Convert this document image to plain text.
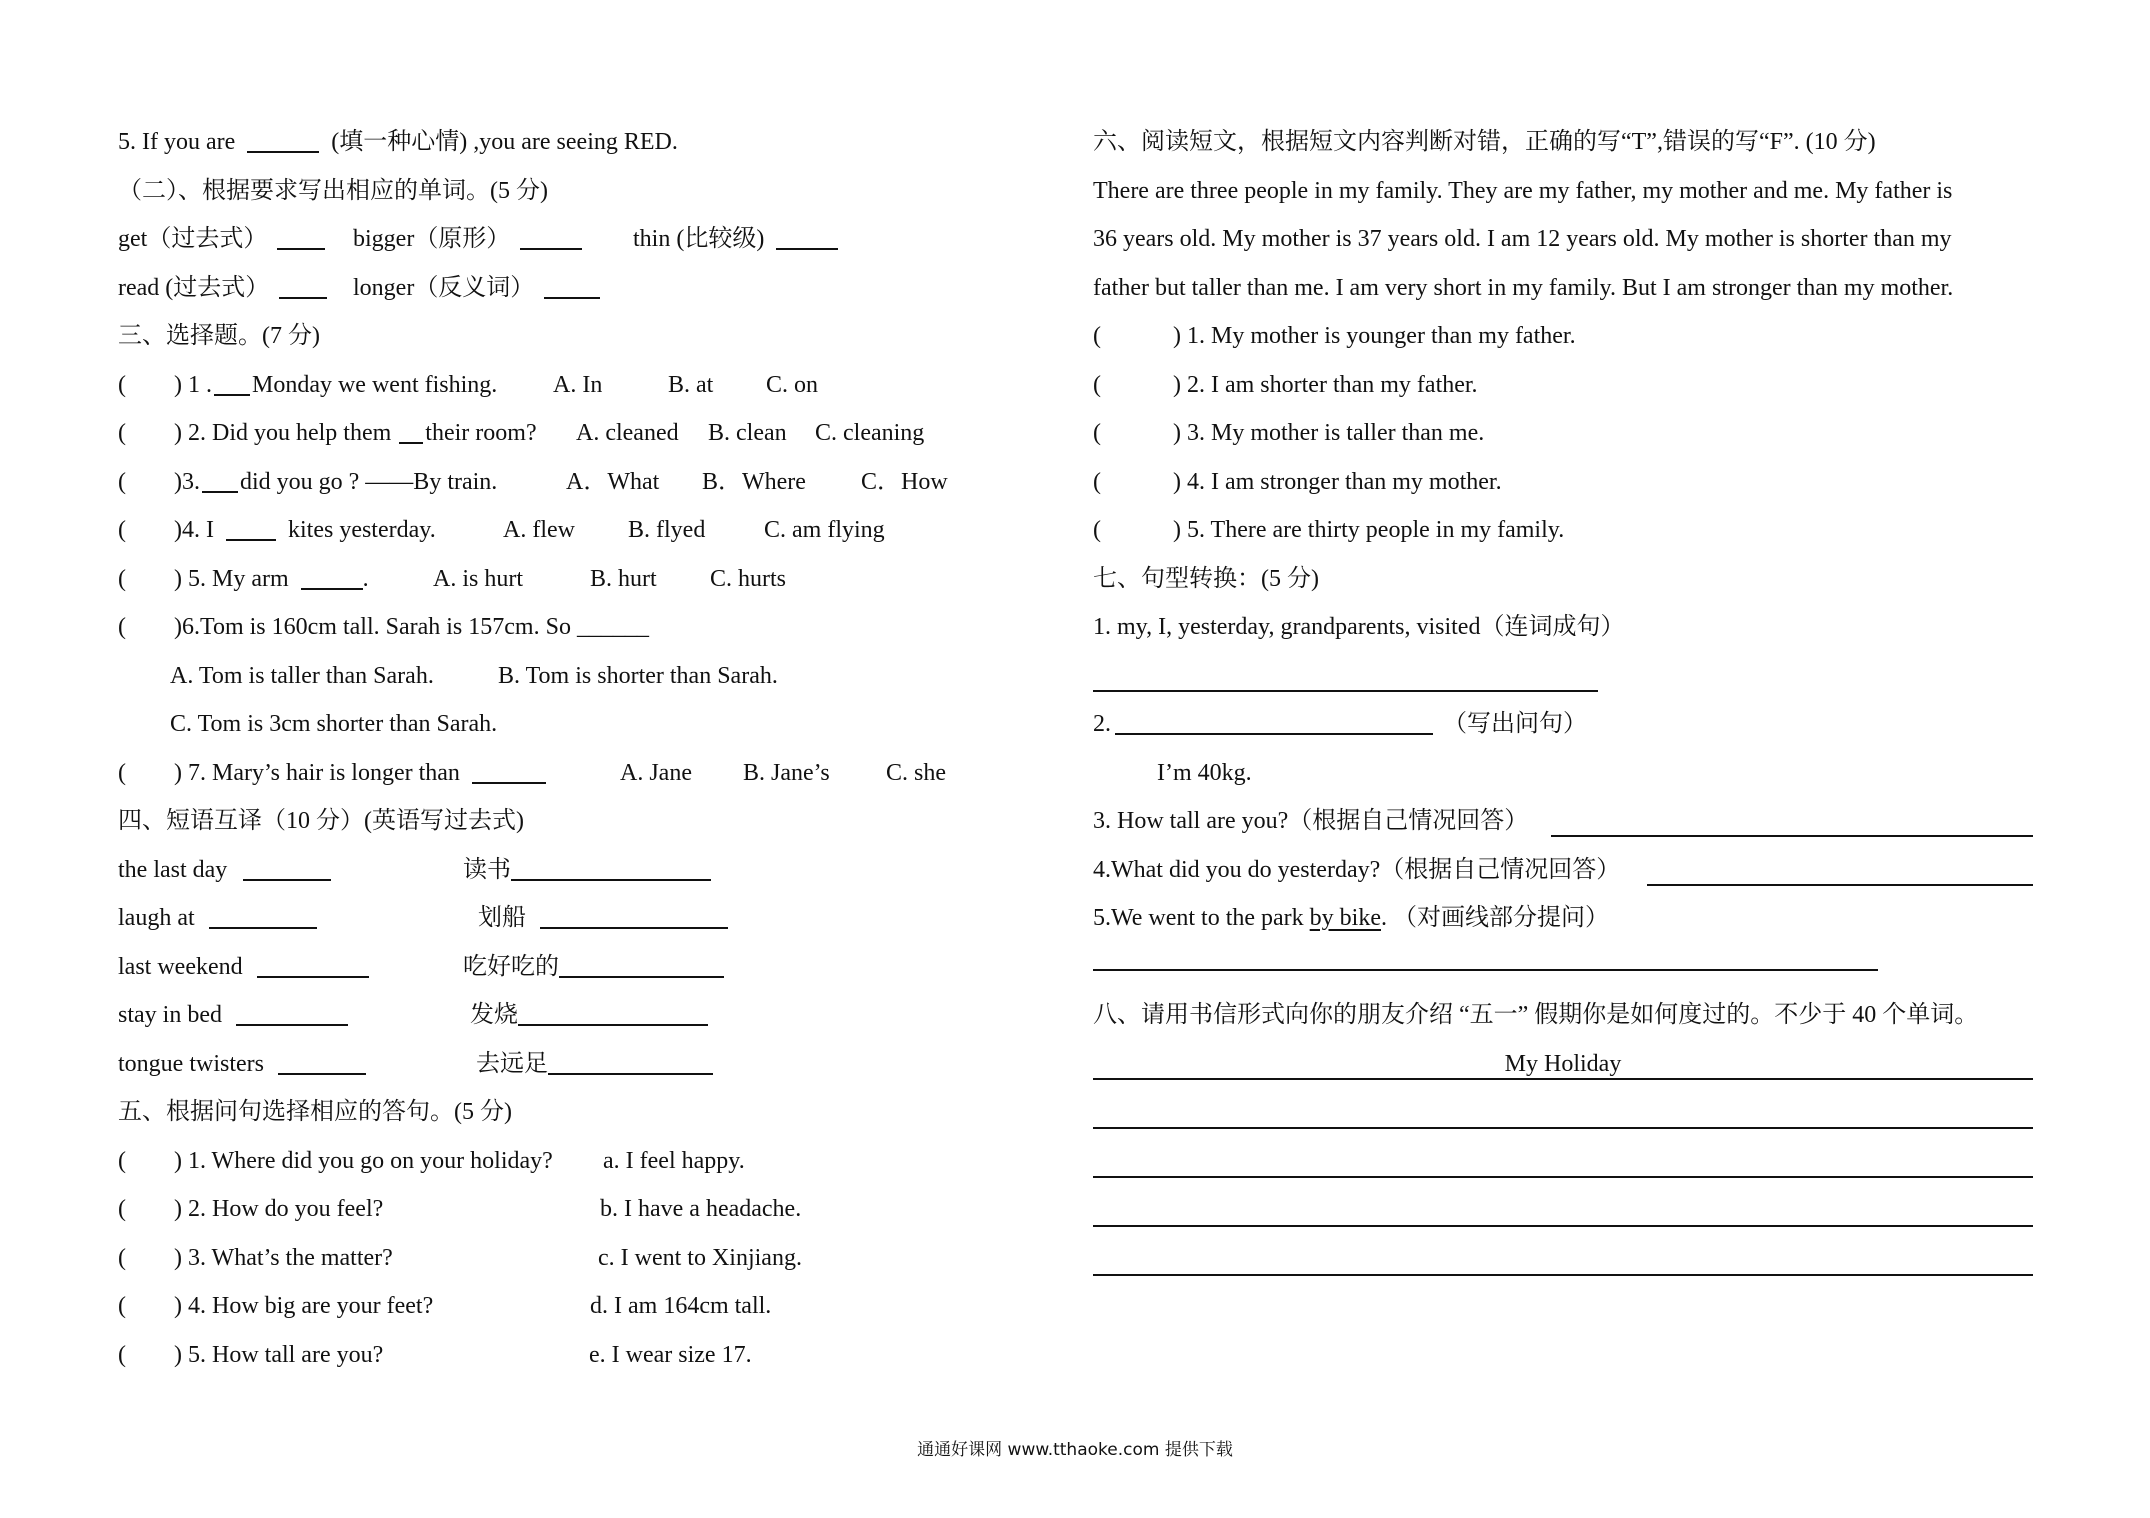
5. If you are	(填一种心情) ,you are seeing RED.
（二）、根据要求写出相应的单词。(5 分)
get（过去式）	bigger（原形）	thin (比较级)
read (过去式）	longer（反义词）
三、选择题。(7 分)
(　　) 1 . Monday we went fishing. A. In	B. at C. on
(　　) 2. Did you help them their room? A. cleaned B. clean C. cleaning
(　　)3. did you go ? ——By train.	A．What B．Where C．How
(　　)4. I	kites yesterday.	A. flew B. flyed C. am flying
(　　) 5. My arm	.	A. is hurt	B. hurt C. hurts
(　　)6.Tom is 160cm tall. Sarah is 157cm. So ______
A. Tom is taller than Sarah.	B. Tom is shorter than Sarah.
C. Tom is 3cm shorter than Sarah.
(　　) 7. Mary’s hair is longer than	A. Jane B. Jane’s C. she
四、短语互译（10 分）(英语写过去式)
the last day	读书
laugh at	划船
last weekend	吃好吃的
stay in bed	发烧
tongue twisters	去远足
五、根据问句选择相应的答句。(5 分)
(　　) 1. Where did you go on your holiday? a. I feel happy.
(　　) 2. How do you feel?	b. I have a headache.
(　　) 3. What’s the matter?	c. I went to Xinjiang.
(　　) 4. How big are your feet?	d. I am 164cm tall.
(　　) 5. How tall are you?	e. I wear size 17.
六、阅读短文，根据短文内容判断对错，正确的写“T”,错误的写“F”. (10 分)
There are three people in my family. They are my father, my mother and me. My father is
36 years old. My mother is 37 years old. I am 12 years old. My mother is shorter than my
father but taller than me. I am very short in my family. But I am stronger than my mother.
(　　　) 1. My mother is younger than my father.
(　　　) 2. I am shorter than my father.
(　　　) 3. My mother is taller than me.
(　　　) 4. I am stronger than my mother.
(　　　) 5. There are thirty people in my family.
七、句型转换：(5 分)
1. my, I, yesterday, grandparents, visited（连词成句）
2.	（写出问句）
I’m 40kg.
3. How tall are you?（根据自己情况回答）
4.What did you do yesterday?（根据自己情况回答）
5.We went to the park by bike. （对画线部分提问）
八、请用书信形式向你的朋友介绍 “五一” 假期你是如何度过的。不少于 40 个单词。
My Holiday
通通好课网 www.tthaoke.com 提供下载
